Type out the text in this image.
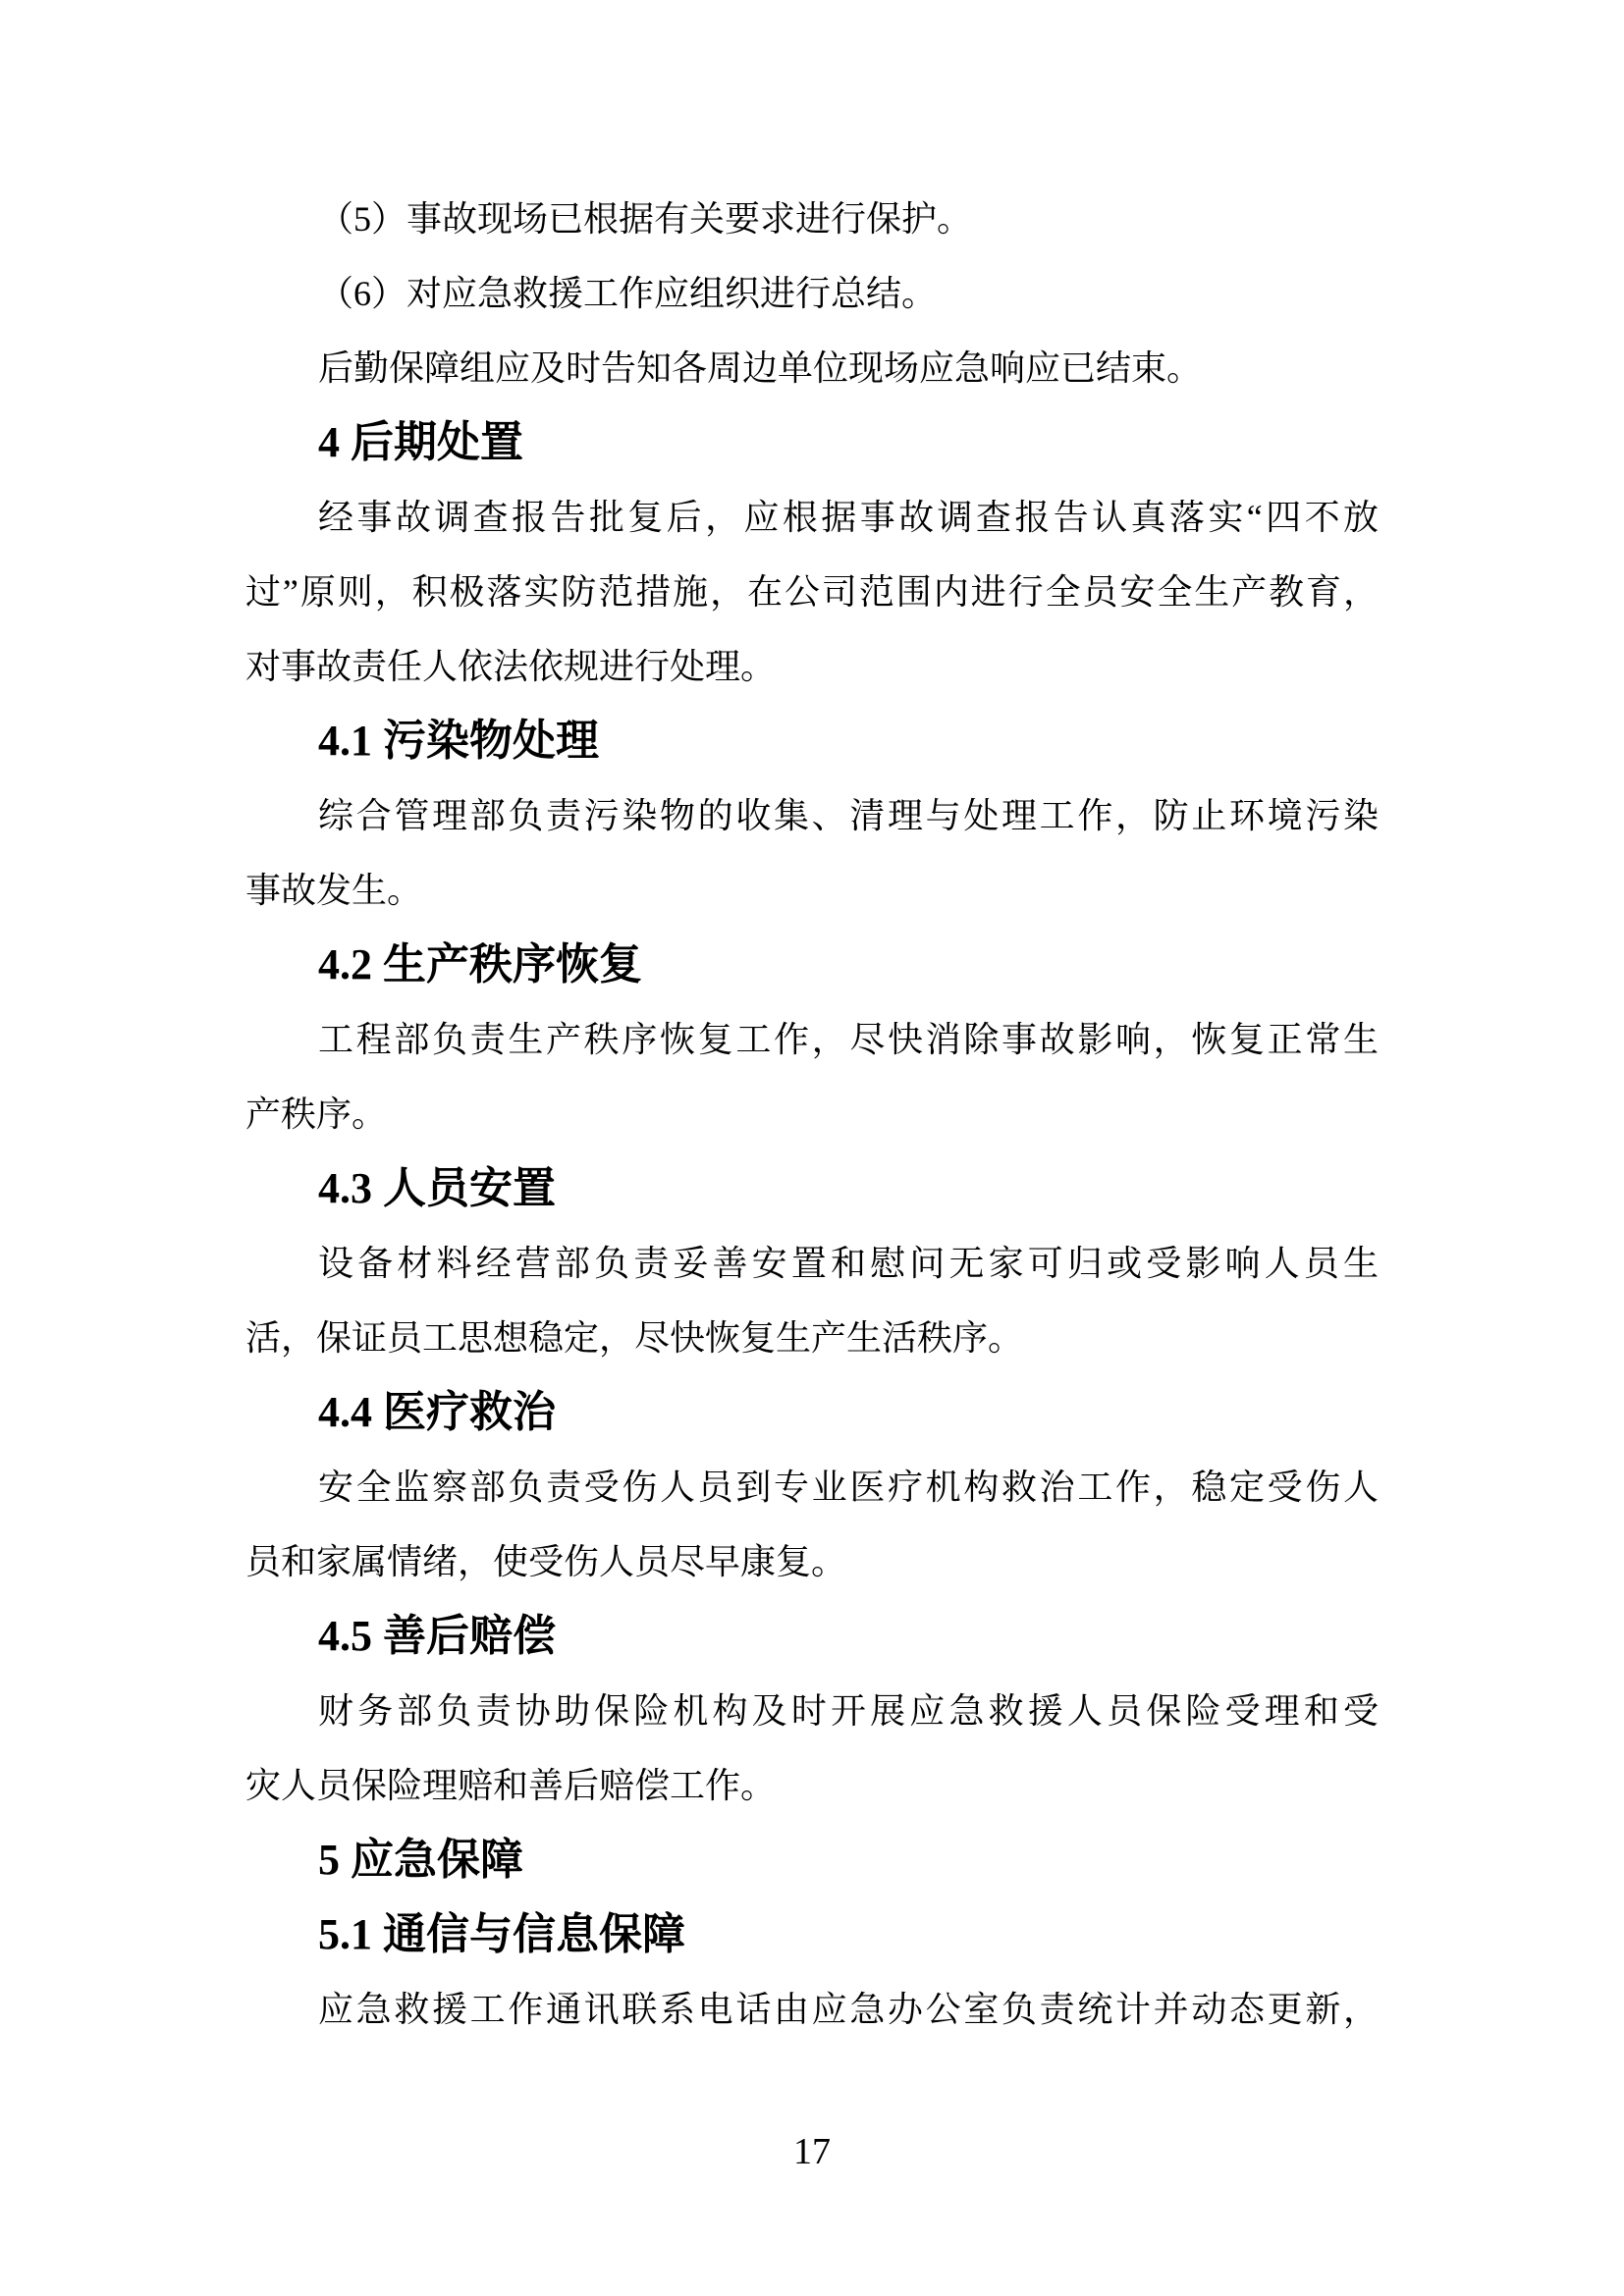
（5）事故现场已根据有关要求进行保护。
（6）对应急救援工作应组织进行总结。
后勤保障组应及时告知各周边单位现场应急响应已结束。
4 后期处置
经事故调查报告批复后，应根据事故调查报告认真落实“四不放
过”原则，积极落实防范措施，在公司范围内进行全员安全生产教育，
对事故责任人依法依规进行处理。
4.1 污染物处理
综合管理部负责污染物的收集、清理与处理工作，防止环境污染
事故发生。
4.2 生产秩序恢复
工程部负责生产秩序恢复工作，尽快消除事故影响，恢复正常生
产秩序。
4.3 人员安置
设备材料经营部负责妥善安置和慰问无家可归或受影响人员生
活，保证员工思想稳定，尽快恢复生产生活秩序。
4.4 医疗救治
安全监察部负责受伤人员到专业医疗机构救治工作，稳定受伤人
员和家属情绪，使受伤人员尽早康复。
4.5 善后赔偿
财务部负责协助保险机构及时开展应急救援人员保险受理和受
灾人员保险理赔和善后赔偿工作。
5 应急保障
5.1 通信与信息保障
应急救援工作通讯联系电话由应急办公室负责统计并动态更新，
17
